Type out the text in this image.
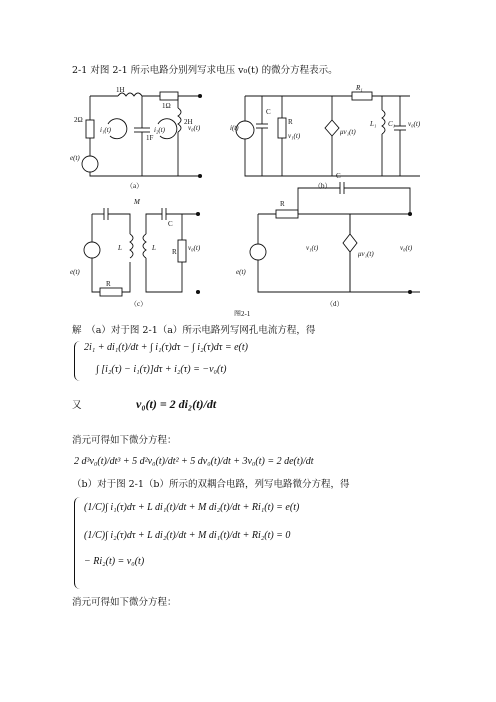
2-1 对图 2-1 所示电路分别列写求电压 v₀(t) 的微分方程表示。
2Ω
1H
1Ω
2H
1F
i₁(t)	i₂(t)
e(t)
v₀(t)
（a）
i(t)
C
R
v₁(t)
R₁
L₁ C₁
μv₁(t)
v₀(t)
（b）
M
L	L
C
R
R
e(t)
v₀(t)
（c）
R
C
e(t)
v₁(t)
μv₁(t)
v₀(t)
（d）
图2-1
解　（a）对于图 2-1（a）所示电路列写网孔电流方程，得
2i₁ + di₁(t)/dt + ∫ i₁(τ)dτ − ∫ i₂(τ)dτ = e(t)
∫ [i₂(τ) − i₁(τ)]dτ + i₂(τ) = −v₀(t)
又	v₀(t) = 2 di₂(t)/dt
消元可得如下微分方程：
2 d³v₀(t)/dt³ + 5 d²v₀(t)/dt² + 5 dv₀(t)/dt + 3v₀(t) = 2 de(t)/dt
（b）对于图 2-1（b）所示的双耦合电路，列写电路微分方程，得
(1/C)∫ i₁(τ)dτ + L di₁(t)/dt + M di₂(t)/dt + Ri₁(t) = e(t)
(1/C)∫ i₂(τ)dτ + L di₂(t)/dt + M di₁(t)/dt + Ri₂(t) = 0
− Ri₂(t) = v₀(t)
消元可得如下微分方程：
